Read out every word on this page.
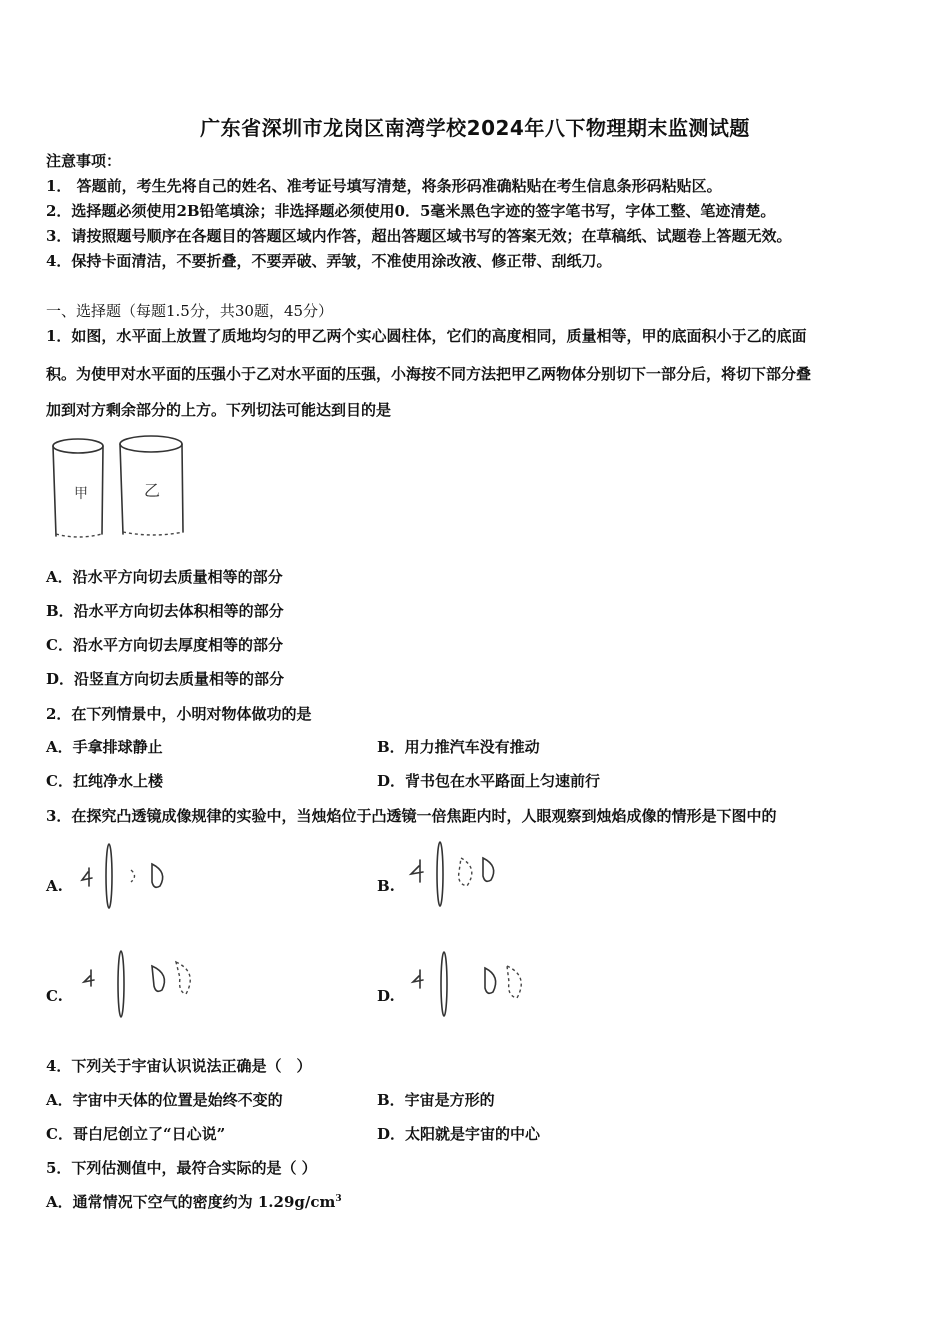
广东省深圳市龙岗区南湾学校2024年八下物理期末监测试题
注意事项：
1． 答题前，考生先将自己的姓名、准考证号填写清楚，将条形码准确粘贴在考生信息条形码粘贴区。
2．选择题必须使用2B铅笔填涂；非选择题必须使用0．5毫米黑色字迹的签字笔书写，字体工整、笔迹清楚。
3．请按照题号顺序在各题目的答题区域内作答，超出答题区域书写的答案无效；在草稿纸、试题卷上答题无效。
4．保持卡面清洁，不要折叠，不要弄破、弄皱，不准使用涂改液、修正带、刮纸刀。
一、选择题（每题1.5分，共30题，45分）
1．如图，水平面上放置了质地均匀的甲乙两个实心圆柱体，它们的高度相同，质量相等，甲的底面积小于乙的底面
积。为使甲对水平面的压强小于乙对水平面的压强，小海按不同方法把甲乙两物体分别切下一部分后，将切下部分叠
加到对方剩余部分的上方。下列切法可能达到目的是
甲	乙
A．沿水平方向切去质量相等的部分
B．沿水平方向切去体积相等的部分
C．沿水平方向切去厚度相等的部分
D．沿竖直方向切去质量相等的部分
2．在下列情景中，小明对物体做功的是
A．手拿排球静止	B．用力推汽车没有推动
C．扛纯净水上楼	D．背书包在水平路面上匀速前行
3．在探究凸透镜成像规律的实验中，当烛焰位于凸透镜一倍焦距内时，人眼观察到烛焰成像的情形是下图中的
A.	B.
C.	D.
4．下列关于宇宙认识说法正确是（　）
A．宇宙中天体的位置是始终不变的	B．宇宙是方形的
C．哥白尼创立了“日心说”	D．太阳就是宇宙的中心
5．下列估测值中，最符合实际的是（ ）
A．通常情况下空气的密度约为 $1.29g/cm^3$
